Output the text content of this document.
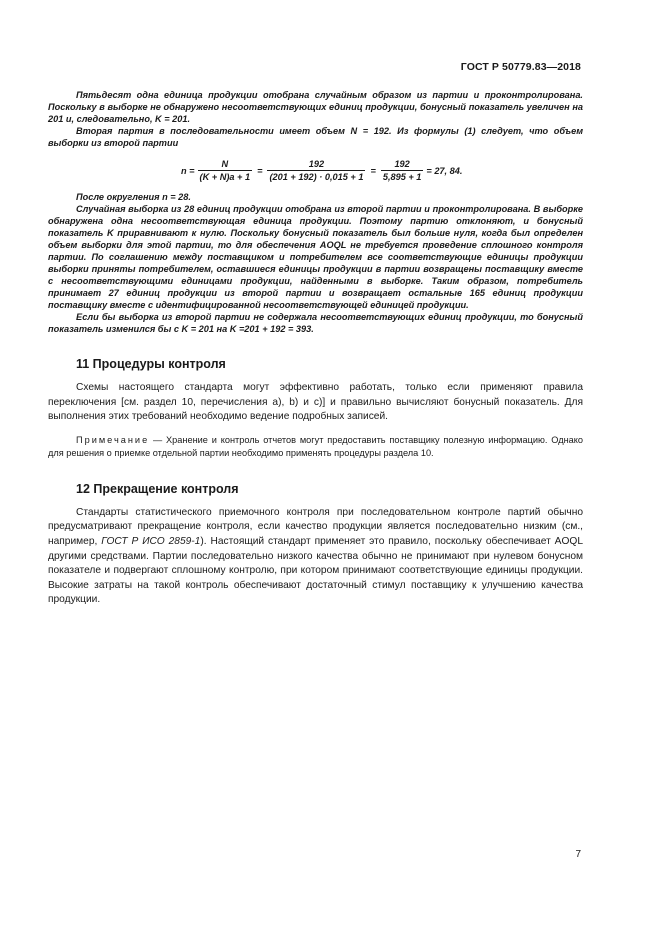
ГОСТ Р 50779.83—2018

Пятьдесят одна единица продукции отобрана случайным образом из партии и проконтролирована. Поскольку в выборке не обнаружено несоответствующих единиц продукции, бонусный показатель увеличен на 201 и, следовательно, K = 201.

Вторая партия в последовательности имеет объем N = 192. Из формулы (1) следует, что объем выборки из второй партии

$n = \frac{N}{(K + N)a + 1} = \frac{192}{(201 + 192) \cdot 0,015 + 1} = \frac{192}{5,895 + 1} = 27$, 84.

После округления n = 28.

Случайная выборка из 28 единиц продукции отобрана из второй партии и проконтролирована. В выборке обнаружена одна несоответствующая единица продукции. Поэтому партию отклоняют, и бонусный показатель K приравнивают к нулю. Поскольку бонусный показатель был больше нуля, когда был определен объем выборки для этой партии, то для обеспечения AOQL не требуется проведение сплошного контроля партии. По соглашению между поставщиком и потребителем все соответствующие единицы продукции выборки приняты потребителем, оставшиеся единицы продукции в партии возвращены поставщику вместе с несоответствующими единицами продукции, найденными в выборке. Таким образом, потребитель принимает 27 единиц продукции из второй партии и возвращает остальные 165 единиц продукции поставщику вместе с идентифицированной несоответствующей единицей продукции.

Если бы выборка из второй партии не содержала несоответствующих единиц продукции, то бонусный показатель изменился бы с K = 201 на K =201 + 192 = 393.

11 Процедуры контроля

Схемы настоящего стандарта могут эффективно работать, только если применяют правила переключения [см. раздел 10, перечисления а), b) и с)] и правильно вычисляют бонусный показатель. Для выполнения этих требований необходимо ведение подробных записей.

Примечание — Хранение и контроль отчетов могут предоставить поставщику полезную информацию. Однако для решения о приемке отдельной партии необходимо применять процедуры раздела 10.
12 Прекращение контроля

Стандарты статистического приемочного контроля при последовательном контроле партий обычно предусматривают прекращение контроля, если качество продукции является последовательно низким (см., например, ГОСТ Р ИСО 2859-1). Настоящий стандарт применяет это правило, поскольку обеспечивает AOQL другими средствами. Партии последовательно низкого качества обычно не принимают при нулевом бонусном показателе и подвергают сплошному контролю, при котором принимают соответствующие единицы продукции. Высокие затраты на такой контроль обеспечивают достаточный стимул поставщику к улучшению качества продукции.

7
